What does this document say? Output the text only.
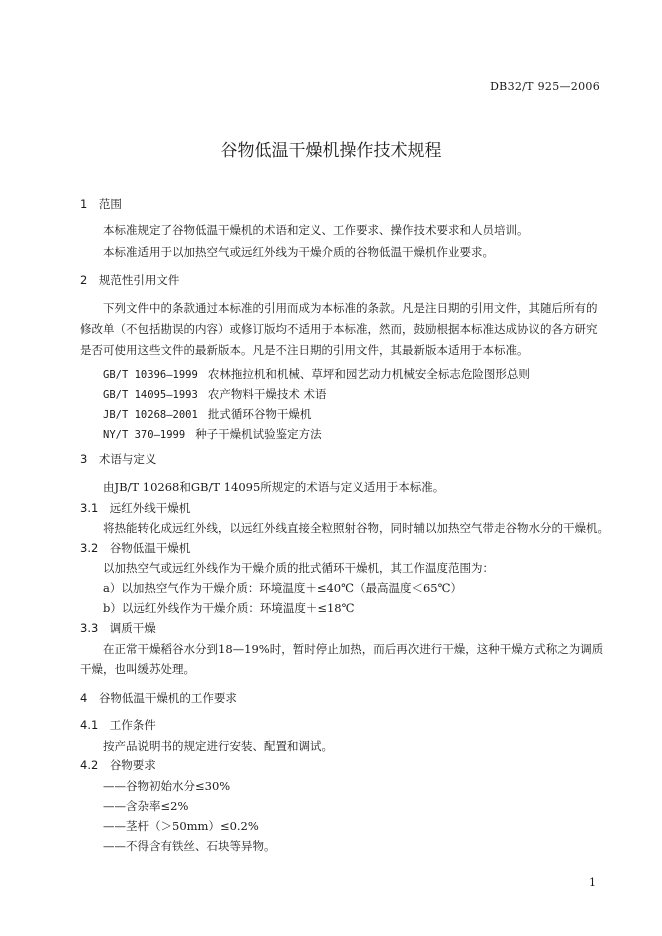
DB32/T 925—2006
谷物低温干燥机操作技术规程
1　范围
本标准规定了谷物低温干燥机的术语和定义、工作要求、操作技术要求和人员培训。
本标准适用于以加热空气或远红外线为干燥介质的谷物低温干燥机作业要求。
2　规范性引用文件
下列文件中的条款通过本标准的引用而成为本标准的条款。凡是注日期的引用文件，其随后所有的
修改单（不包括勘误的内容）或修订版均不适用于本标准，然而，鼓励根据本标准达成协议的各方研究
是否可使用这些文件的最新版本。凡是不注日期的引用文件，其最新版本适用于本标准。
GB/T 10396—1999 农林拖拉机和机械、草坪和园艺动力机械安全标志危险图形总则
GB/T 14095—1993 农产物料干燥技术 术语
JB/T 10268—2001 批式循环谷物干燥机
NY/T 370—1999 种子干燥机试验鉴定方法
3　术语与定义
由JB/T 10268和GB/T 14095所规定的术语与定义适用于本标准。
3.1　远红外线干燥机
将热能转化成远红外线，以远红外线直接全粒照射谷物，同时辅以加热空气带走谷物水分的干燥机。
3.2　谷物低温干燥机
以加热空气或远红外线作为干燥介质的批式循环干燥机，其工作温度范围为：
a）以加热空气作为干燥介质：环境温度＋≤40℃（最高温度＜65℃）
b）以远红外线作为干燥介质：环境温度＋≤18℃
3.3　调质干燥
在正常干燥稻谷水分到18—19%时，暂时停止加热，而后再次进行干燥，这种干燥方式称之为调质
干燥，也叫缓苏处理。
4　谷物低温干燥机的工作要求
4.1　工作条件
按产品说明书的规定进行安装、配置和调试。
4.2　谷物要求
——谷物初始水分≤30%
——含杂率≤2%
——茎杆（＞50mm）≤0.2%
——不得含有铁丝、石块等异物。
1
